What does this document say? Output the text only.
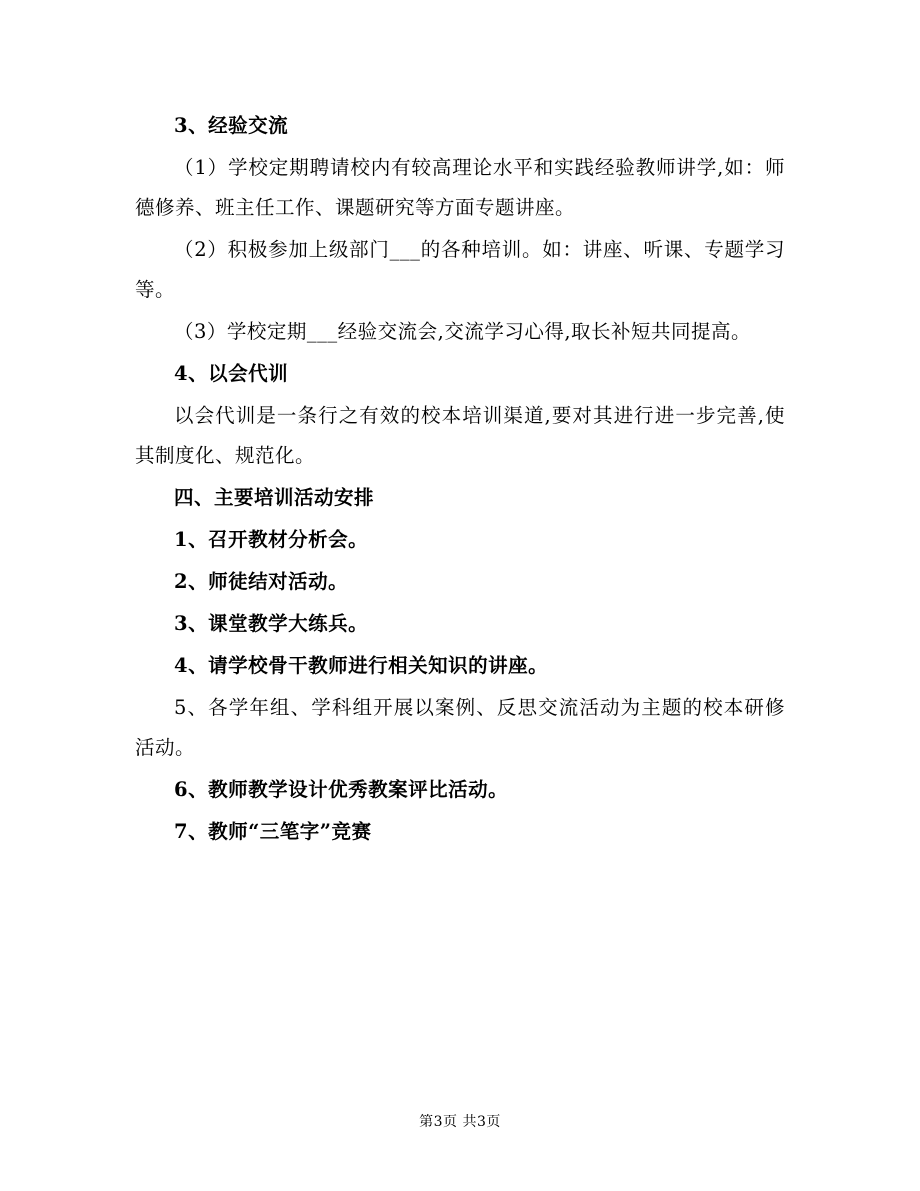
3、经验交流

（1）学校定期聘请校内有较高理论水平和实践经验教师讲学,如：师德修养、班主任工作、课题研究等方面专题讲座。

（2）积极参加上级部门___的各种培训。如：讲座、听课、专题学习等。

（3）学校定期___经验交流会,交流学习心得,取长补短共同提高。

4、以会代训

以会代训是一条行之有效的校本培训渠道,要对其进行进一步完善,使其制度化、规范化。

四、主要培训活动安排

1、召开教材分析会。

2、师徒结对活动。

3、课堂教学大练兵。

4、请学校骨干教师进行相关知识的讲座。

5、各学年组、学科组开展以案例、反思交流活动为主题的校本研修活动。

6、教师教学设计优秀教案评比活动。

7、教师“三笔字”竞赛

第3页 共3页
